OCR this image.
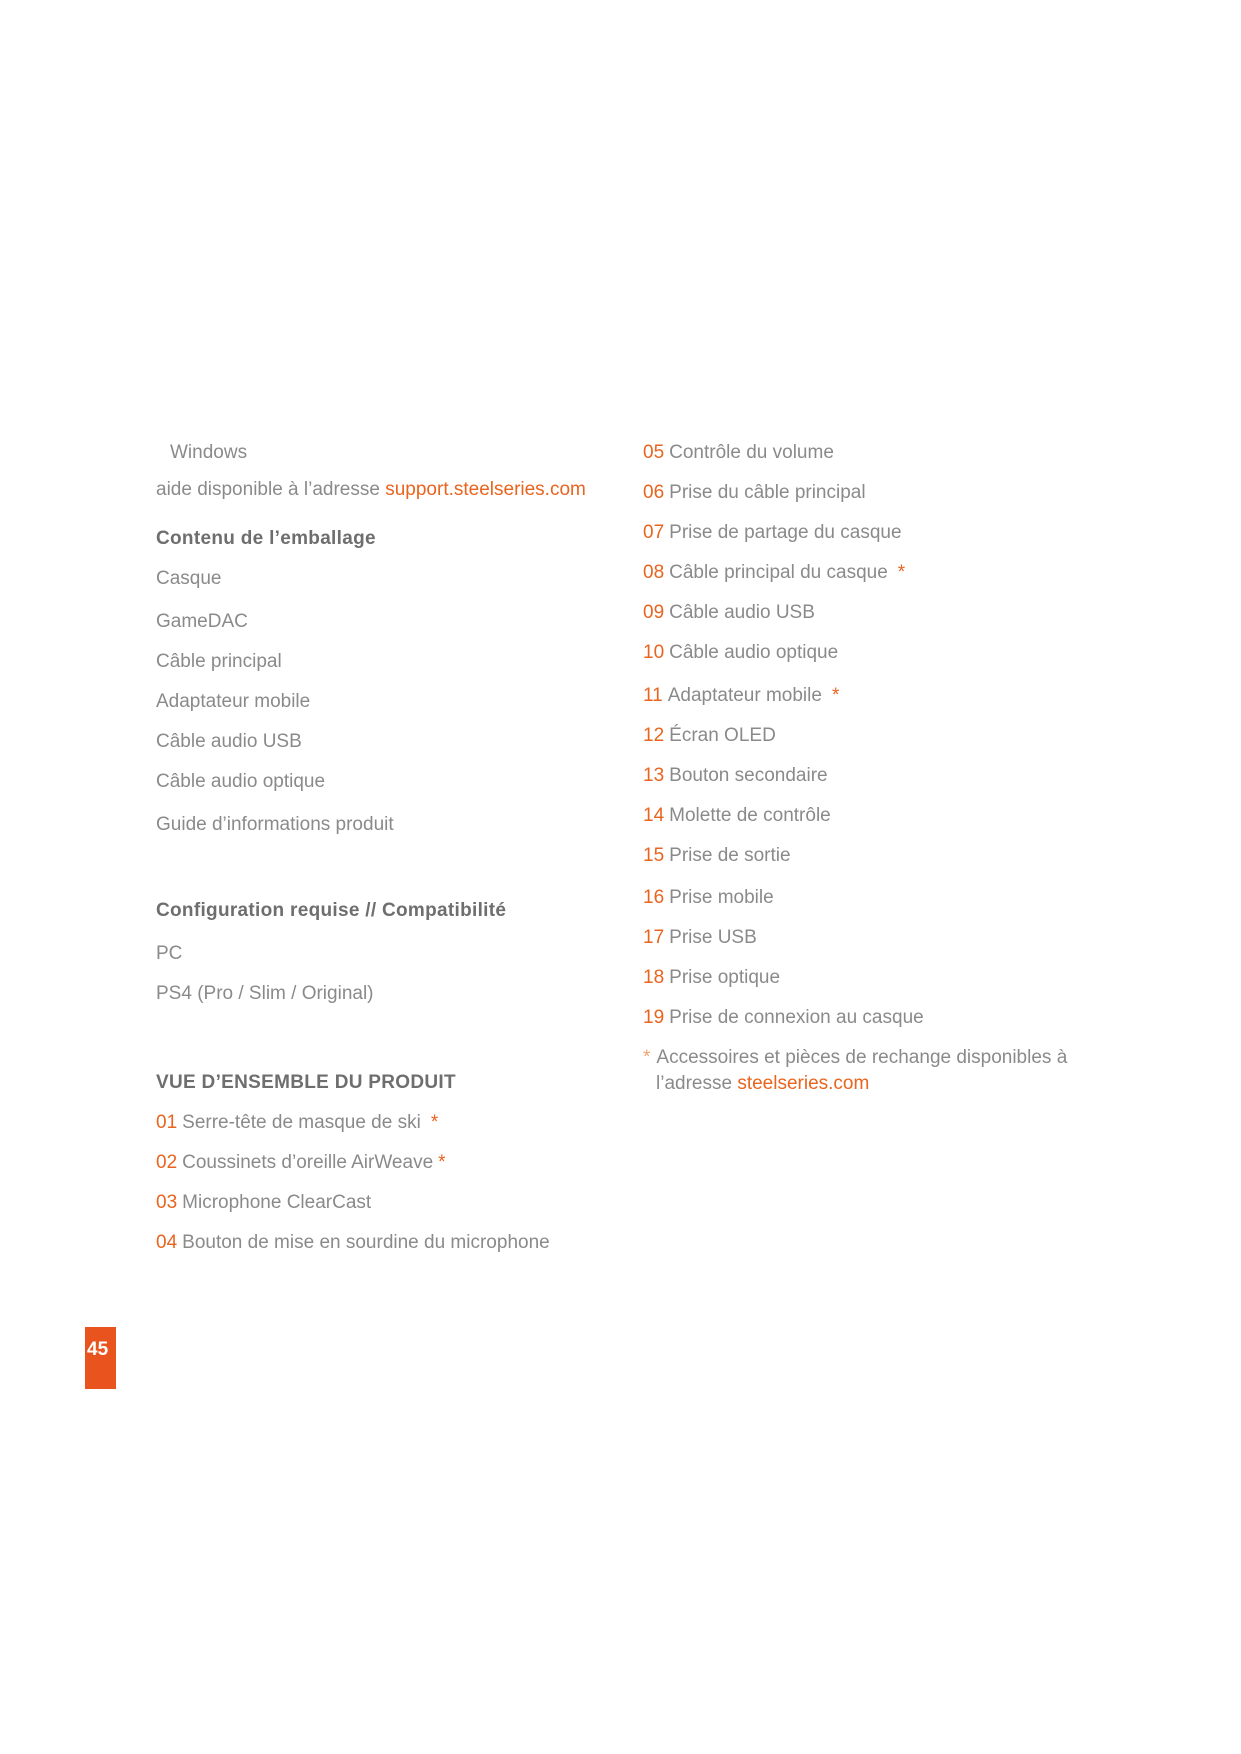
Windows
aide disponible à l’adresse support.steelseries.com
Contenu de l’emballage
Casque
GameDAC
Câble principal
Adaptateur mobile
Câble audio USB
Câble audio optique
Guide d’informations produit
Configuration requise // Compatibilité
PC
PS4 (Pro / Slim / Original)
VUE D’ENSEMBLE DU PRODUIT
01 Serre-tête de masque de ski *
02 Coussinets d’oreille AirWeave *
03 Microphone ClearCast
04 Bouton de mise en sourdine du microphone
05 Contrôle du volume
06 Prise du câble principal
07 Prise de partage du casque
08 Câble principal du casque *
09 Câble audio USB
10 Câble audio optique
11 Adaptateur mobile *
12 Écran OLED
13 Bouton secondaire
14 Molette de contrôle
15 Prise de sortie
16 Prise mobile
17 Prise USB
18 Prise optique
19 Prise de connexion au casque
* Accessoires et pièces de rechange disponibles à
l’adresse steelseries.com
45
